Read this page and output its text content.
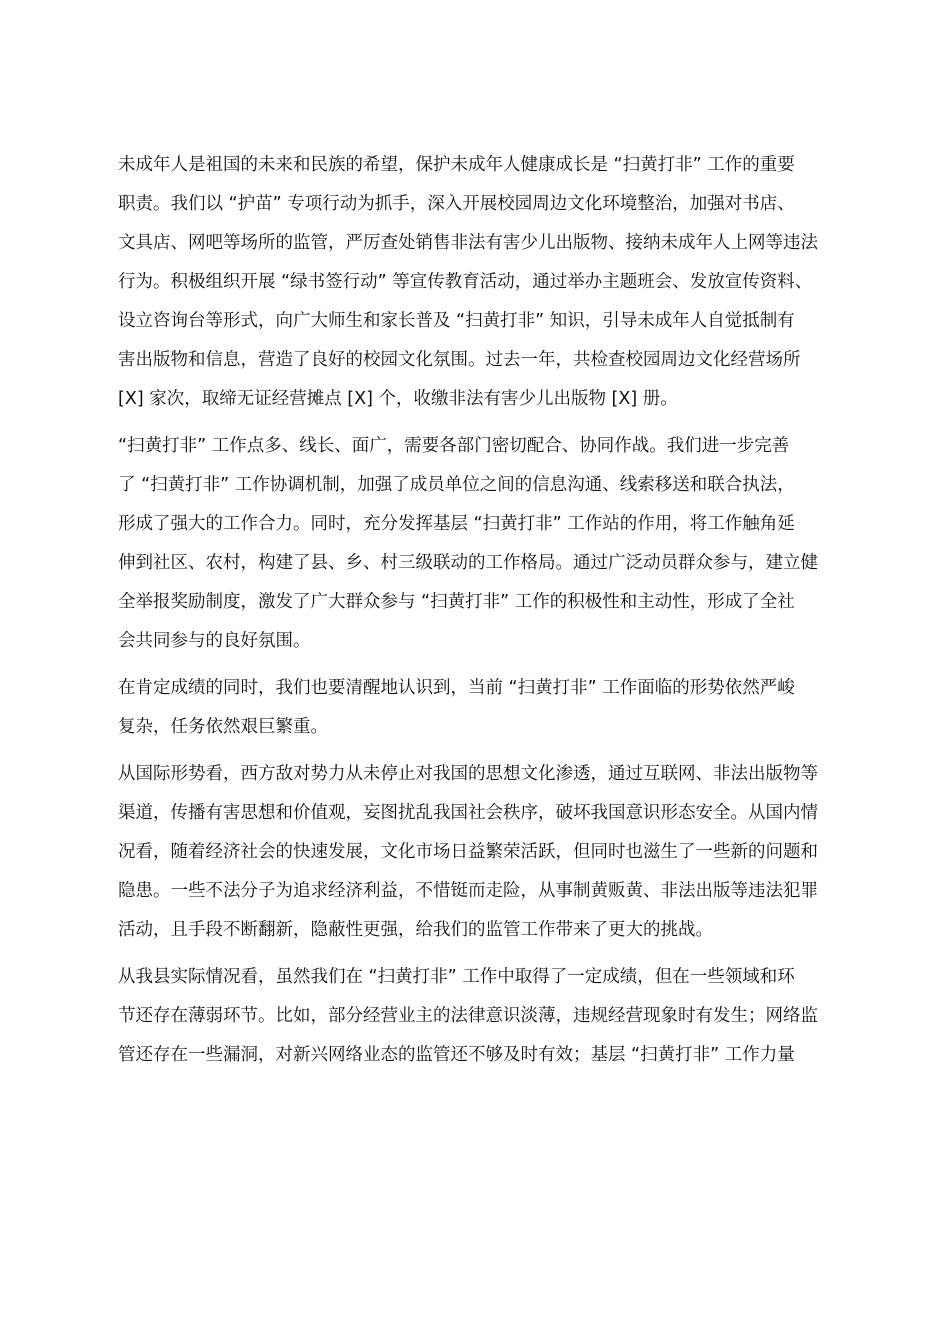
未成年人是祖国的未来和民族的希望，保护未成年人健康成长是 “扫黄打非” 工作的重要
职责。我们以 “护苗” 专项行动为抓手，深入开展校园周边文化环境整治，加强对书店、
文具店、网吧等场所的监管，严厉查处销售非法有害少儿出版物、接纳未成年人上网等违法
行为。积极组织开展 “绿书签行动” 等宣传教育活动，通过举办主题班会、发放宣传资料、
设立咨询台等形式，向广大师生和家长普及 “扫黄打非” 知识，引导未成年人自觉抵制有
害出版物和信息，营造了良好的校园文化氛围。过去一年，共检查校园周边文化经营场所
[X] 家次，取缔无证经营摊点 [X] 个，收缴非法有害少儿出版物 [X] 册。
“扫黄打非” 工作点多、线长、面广，需要各部门密切配合、协同作战。我们进一步完善
了 “扫黄打非” 工作协调机制，加强了成员单位之间的信息沟通、线索移送和联合执法，
形成了强大的工作合力。同时，充分发挥基层 “扫黄打非” 工作站的作用，将工作触角延
伸到社区、农村，构建了县、乡、村三级联动的工作格局。通过广泛动员群众参与，建立健
全举报奖励制度，激发了广大群众参与 “扫黄打非” 工作的积极性和主动性，形成了全社
会共同参与的良好氛围。
在肯定成绩的同时，我们也要清醒地认识到，当前 “扫黄打非” 工作面临的形势依然严峻
复杂，任务依然艰巨繁重。
从国际形势看，西方敌对势力从未停止对我国的思想文化渗透，通过互联网、非法出版物等
渠道，传播有害思想和价值观，妄图扰乱我国社会秩序，破坏我国意识形态安全。从国内情
况看，随着经济社会的快速发展，文化市场日益繁荣活跃，但同时也滋生了一些新的问题和
隐患。一些不法分子为追求经济利益，不惜铤而走险，从事制黄贩黄、非法出版等违法犯罪
活动，且手段不断翻新，隐蔽性更强，给我们的监管工作带来了更大的挑战。
从我县实际情况看，虽然我们在 “扫黄打非” 工作中取得了一定成绩，但在一些领域和环
节还存在薄弱环节。比如，部分经营业主的法律意识淡薄，违规经营现象时有发生；网络监
管还存在一些漏洞，对新兴网络业态的监管还不够及时有效；基层 “扫黄打非” 工作力量
